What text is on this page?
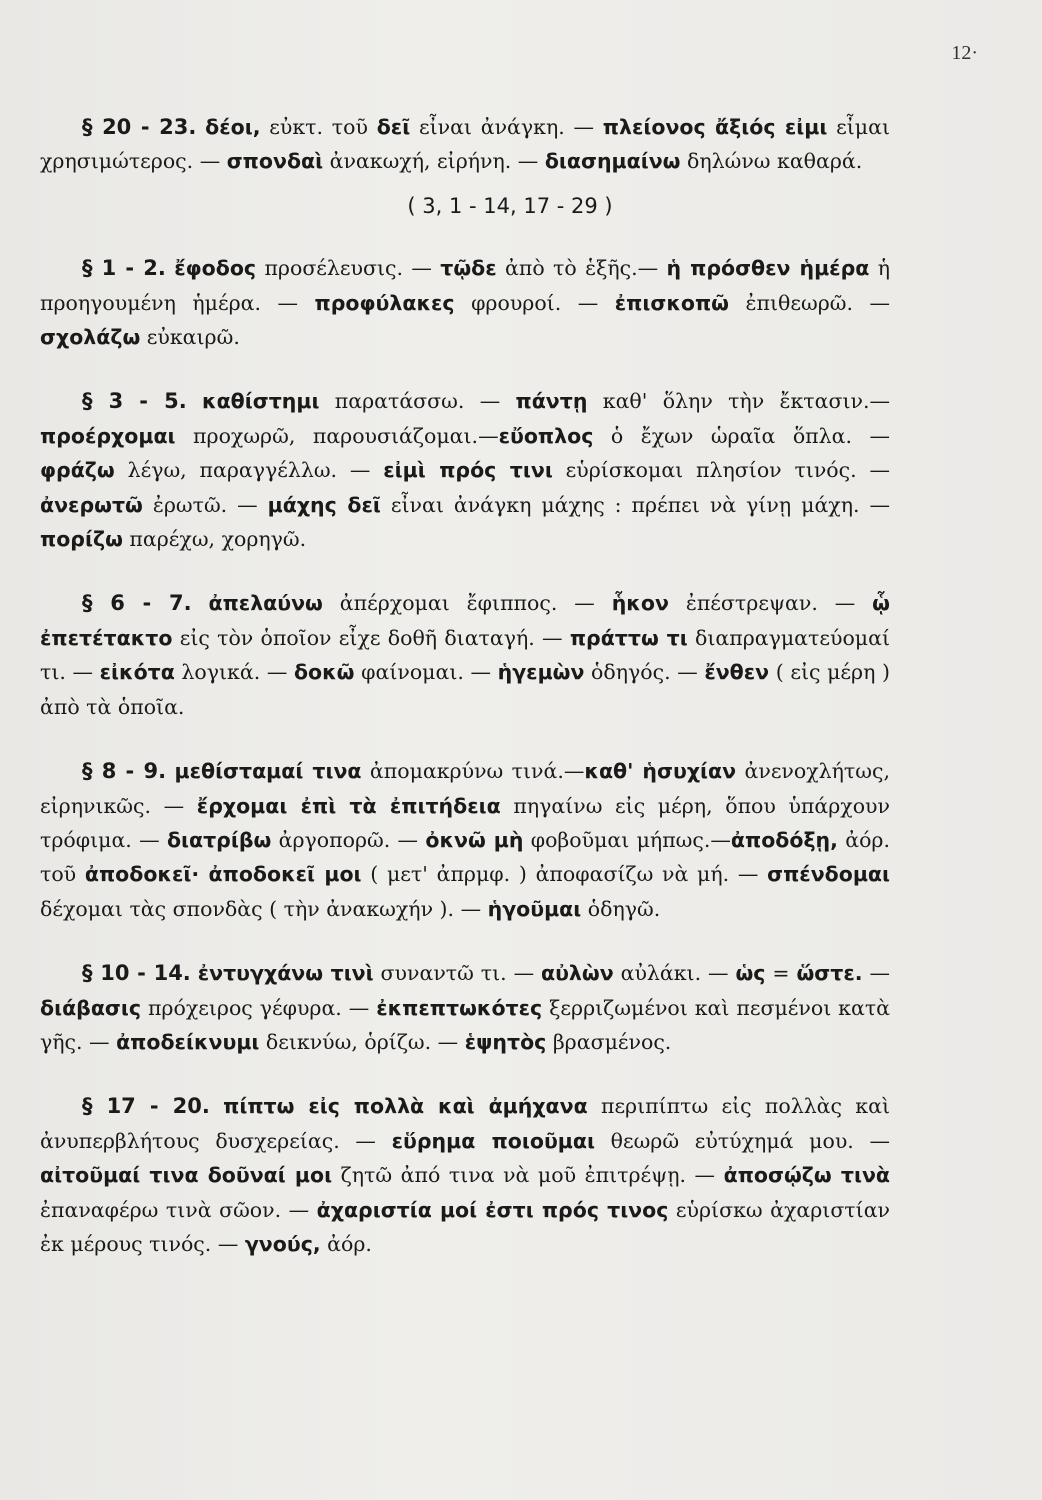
12·

§ 20 - 23. δέοι, εὐκτ. τοῦ δεῖ εἶναι ἀνάγκη. — πλείονος ἄξιός εἰμι εἶμαι χρησιμώτερος. — σπονδαὶ ἀνακωχή, εἰρήνη. — διασημαίνω δηλώνω καθαρά.

( 3, 1 - 14, 17 - 29 )

§ 1 - 2. ἔφοδος προσέλευσις. — τῷδε ἀπὸ τὸ ἑξῆς.— ἡ πρόσθεν ἡμέρα ἡ προηγουμένη ἡμέρα. — προφύλακες φρουροί. — ἐπισκοπῶ ἐπιθεωρῶ. — σχολάζω εὐκαιρῶ.

§ 3 - 5. καθίστημι παρατάσσω. — πάντῃ καθ' ὅλην τὴν ἔκτασιν.— προέρχομαι προχωρῶ, παρουσιάζομαι.—εὔοπλος ὁ ἔχων ὡραῖα ὅπλα. — φράζω λέγω, παραγγέλλω. — εἰμὶ πρός τινι εὑρίσκομαι πλησίον τινός. — ἀνερωτῶ ἐρωτῶ. — μάχης δεῖ εἶναι ἀνάγκη μάχης : πρέπει νὰ γίνῃ μάχη. — πορίζω παρέχω, χορηγῶ.

§ 6 - 7. ἀπελαύνω ἀπέρχομαι ἔφιππος. — ἧκον ἐπέστρεψαν. — ᾧ ἐπετέτακτο εἰς τὸν ὁποῖον εἶχε δοθῆ διαταγή. — πράττω τι διαπραγματεύομαί τι. — εἰκότα λογικά. — δοκῶ φαίνομαι. — ἡγεμὼν ὁδηγός. — ἔνθεν ( εἰς μέρη ) ἀπὸ τὰ ὁποῖα.

§ 8 - 9. μεθίσταμαί τινα ἀπομακρύνω τινά.—καθ' ἡσυχίαν ἀνενοχλήτως, εἰρηνικῶς. — ἔρχομαι ἐπὶ τὰ ἐπιτήδεια πηγαίνω εἰς μέρη, ὅπου ὑπάρχουν τρόφιμα. — διατρίβω ἀργοπορῶ. — ὀκνῶ μὴ φοβοῦμαι μήπως.—ἀποδόξῃ, ἀόρ. τοῦ ἀποδοκεῖ· ἀποδοκεῖ μοι ( μετ' ἀπρμφ. ) ἀποφασίζω νὰ μή. — σπένδομαι δέχομαι τὰς σπονδὰς ( τὴν ἀνακωχήν ). — ἡγοῦμαι ὁδηγῶ.

§ 10 - 14. ἐντυγχάνω τινὶ συναντῶ τι. — αὐλὼν αὐλάκι. — ὡς = ὥστε. — διάβασις πρόχειρος γέφυρα. — ἐκπεπτωκότες ξερριζωμένοι καὶ πεσμένοι κατὰ γῆς. — ἀποδείκνυμι δεικνύω, ὁρίζω. — ἑψητὸς βρασμένος.

§ 17 - 20. πίπτω εἰς πολλὰ καὶ ἀμήχανα περιπίπτω εἰς πολλὰς καὶ ἀνυπερβλήτους δυσχερείας. — εὕρημα ποιοῦμαι θεωρῶ εὐτύχημά μου. — αἰτοῦμαί τινα δοῦναί μοι ζητῶ ἀπό τινα νὰ μοῦ ἐπιτρέψῃ. — ἀποσῴζω τινὰ ἐπαναφέρω τινὰ σῶον. — ἀχαριστία μοί ἐστι πρός τινος εὑρίσκω ἀχαριστίαν ἐκ μέρους τινός. — γνούς, ἀόρ.
